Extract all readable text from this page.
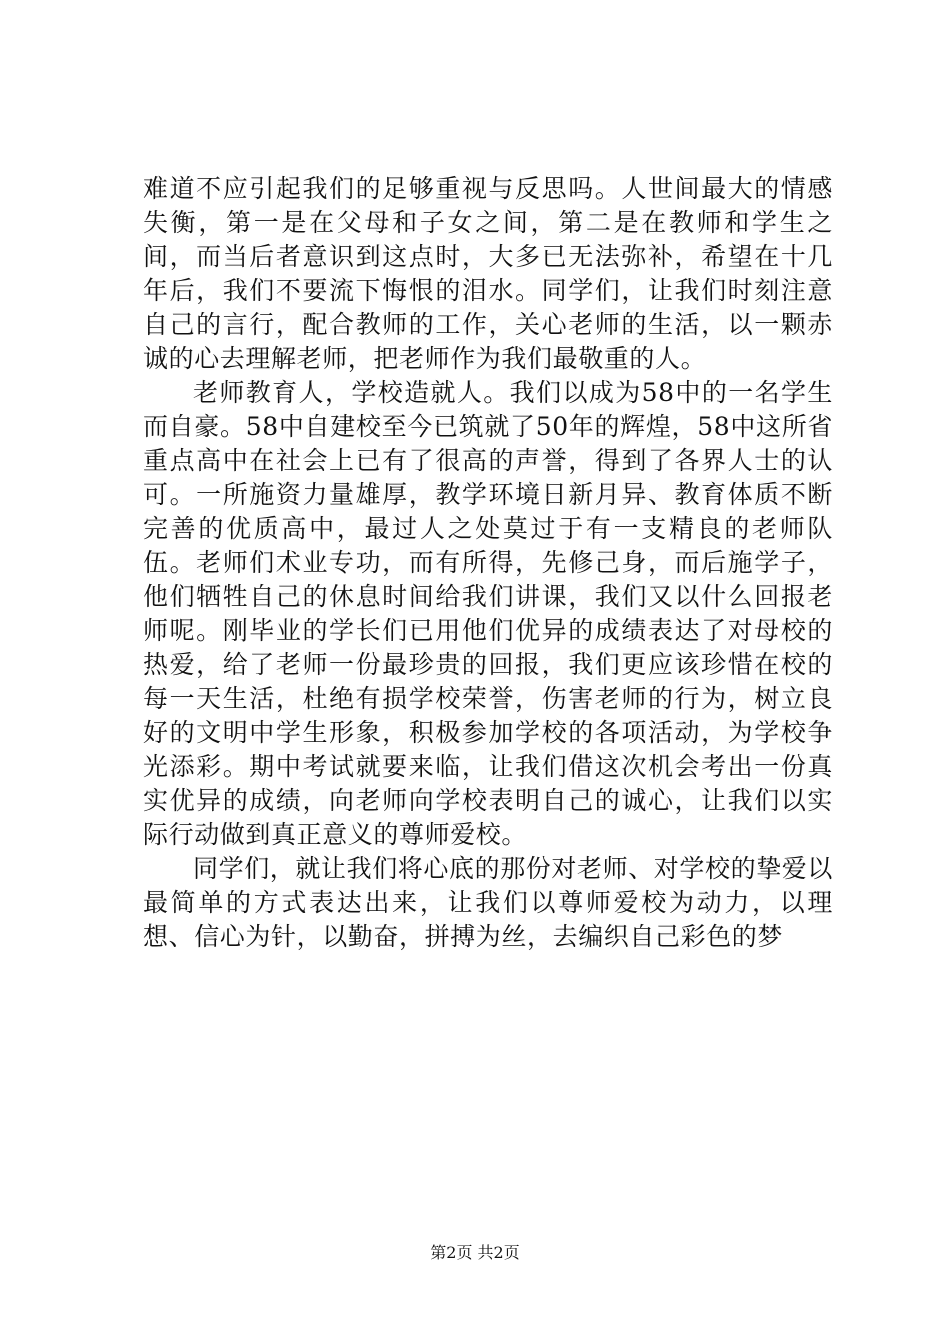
难道不应引起我们的足够重视与反思吗。人世间最大的情感失衡，第一是在父母和子女之间，第二是在教师和学生之间，而当后者意识到这点时，大多已无法弥补，希望在十几年后，我们不要流下悔恨的泪水。同学们，让我们时刻注意自己的言行，配合教师的工作，关心老师的生活，以一颗赤诚的心去理解老师，把老师作为我们最敬重的人。

老师教育人，学校造就人。我们以成为58中的一名学生而自豪。58中自建校至今已筑就了50年的辉煌，58中这所省重点高中在社会上已有了很高的声誉，得到了各界人士的认可。一所施资力量雄厚，教学环境日新月异、教育体质不断完善的优质高中，最过人之处莫过于有一支精良的老师队伍。老师们术业专功，而有所得，先修己身，而后施学子，他们牺牲自己的休息时间给我们讲课，我们又以什么回报老师呢。刚毕业的学长们已用他们优异的成绩表达了对母校的热爱，给了老师一份最珍贵的回报，我们更应该珍惜在校的每一天生活，杜绝有损学校荣誉，伤害老师的行为，树立良好的文明中学生形象，积极参加学校的各项活动，为学校争光添彩。期中考试就要来临，让我们借这次机会考出一份真实优异的成绩，向老师向学校表明自己的诚心，让我们以实际行动做到真正意义的尊师爱校。

同学们，就让我们将心底的那份对老师、对学校的挚爱以最简单的方式表达出来，让我们以尊师爱校为动力，以理想、信心为针，以勤奋，拼搏为丝，去编织自己彩色的梦

第2页 共2页
